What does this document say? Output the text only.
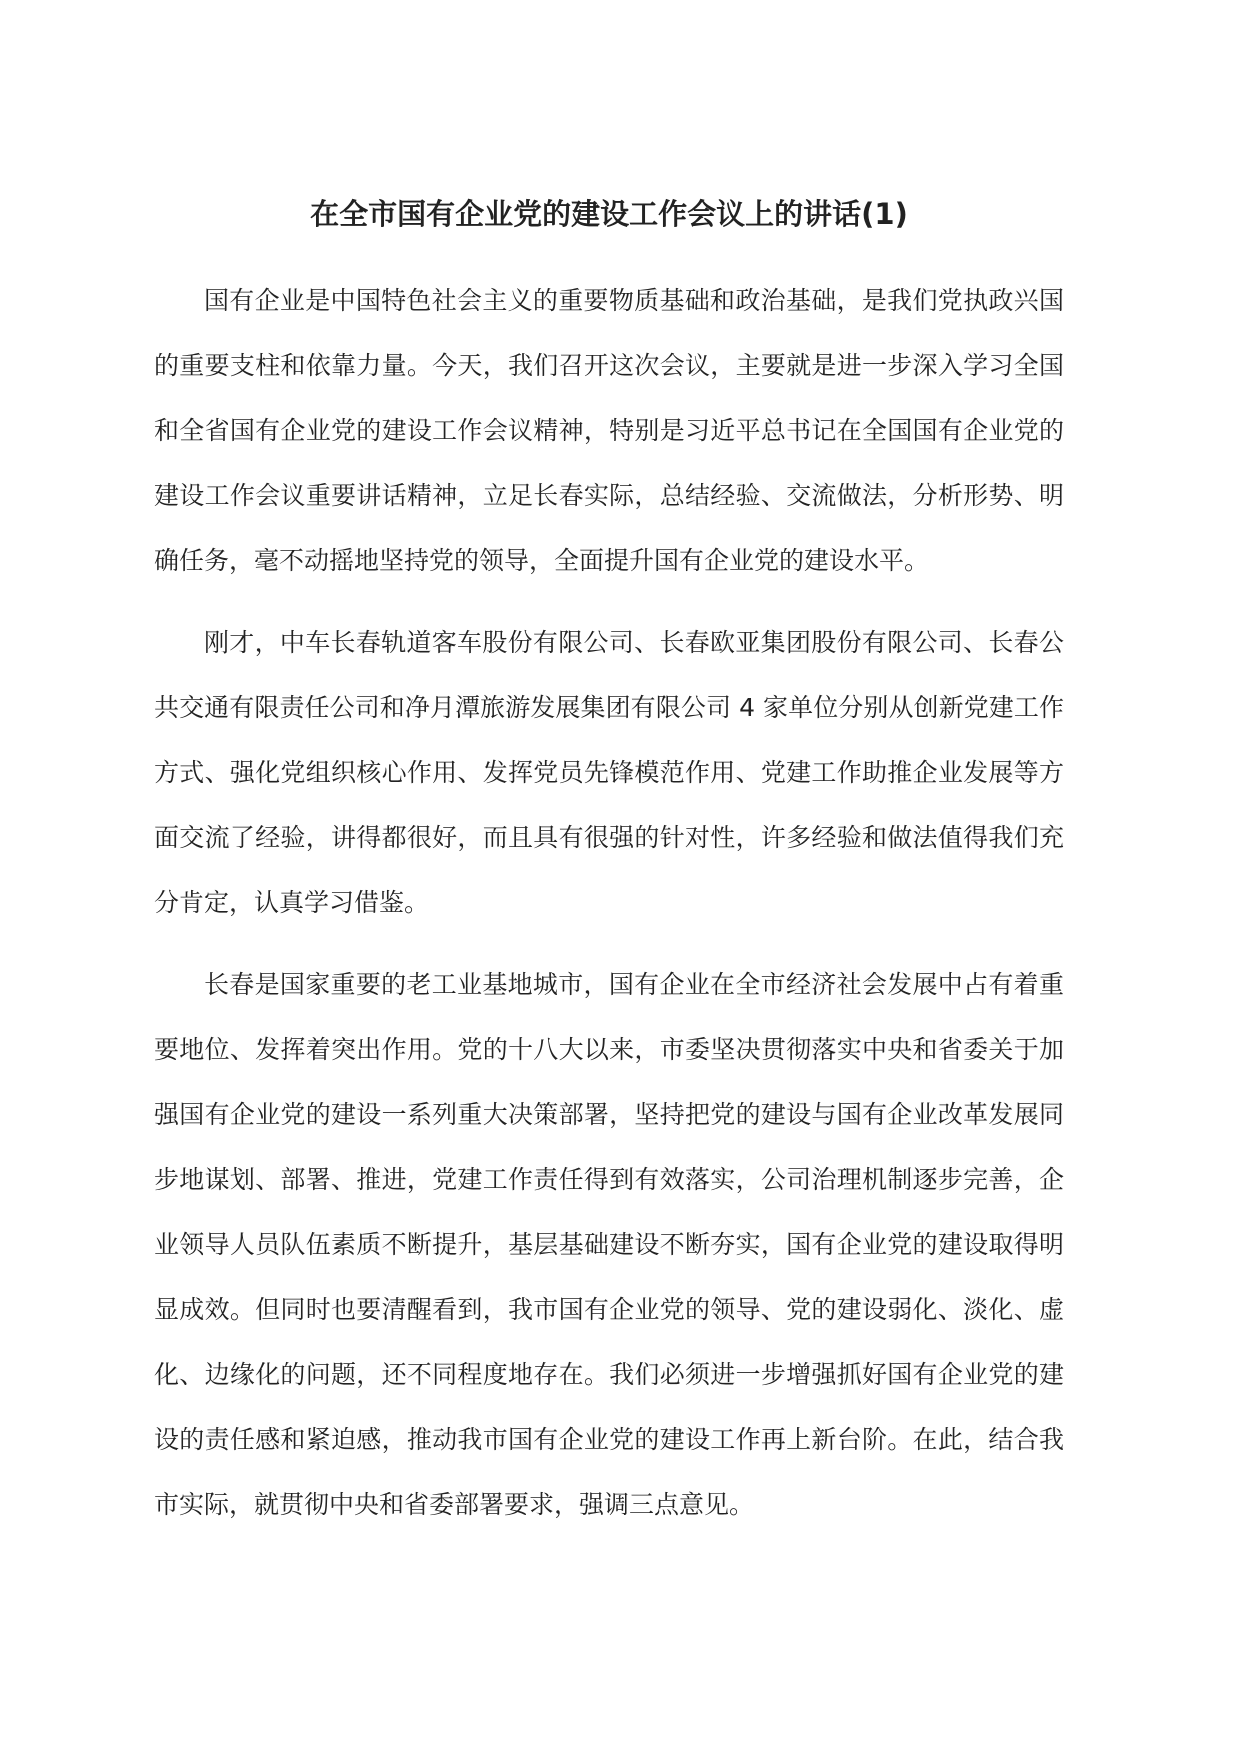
在全市国有企业党的建设工作会议上的讲话(1)

国有企业是中国特色社会主义的重要物质基础和政治基础，是我们党执政兴国的重要支柱和依靠力量。今天，我们召开这次会议，主要就是进一步深入学习全国和全省国有企业党的建设工作会议精神，特别是习近平总书记在全国国有企业党的建设工作会议重要讲话精神，立足长春实际，总结经验、交流做法，分析形势、明确任务，毫不动摇地坚持党的领导，全面提升国有企业党的建设水平。

刚才，中车长春轨道客车股份有限公司、长春欧亚集团股份有限公司、长春公共交通有限责任公司和净月潭旅游发展集团有限公司 4 家单位分别从创新党建工作方式、强化党组织核心作用、发挥党员先锋模范作用、党建工作助推企业发展等方面交流了经验，讲得都很好，而且具有很强的针对性，许多经验和做法值得我们充分肯定，认真学习借鉴。

长春是国家重要的老工业基地城市，国有企业在全市经济社会发展中占有着重要地位、发挥着突出作用。党的十八大以来，市委坚决贯彻落实中央和省委关于加强国有企业党的建设一系列重大决策部署，坚持把党的建设与国有企业改革发展同步地谋划、部署、推进，党建工作责任得到有效落实，公司治理机制逐步完善，企业领导人员队伍素质不断提升，基层基础建设不断夯实，国有企业党的建设取得明显成效。但同时也要清醒看到，我市国有企业党的领导、党的建设弱化、淡化、虚化、边缘化的问题，还不同程度地存在。我们必须进一步增强抓好国有企业党的建设的责任感和紧迫感，推动我市国有企业党的建设工作再上新台阶。在此，结合我市实际，就贯彻中央和省委部署要求，强调三点意见。
